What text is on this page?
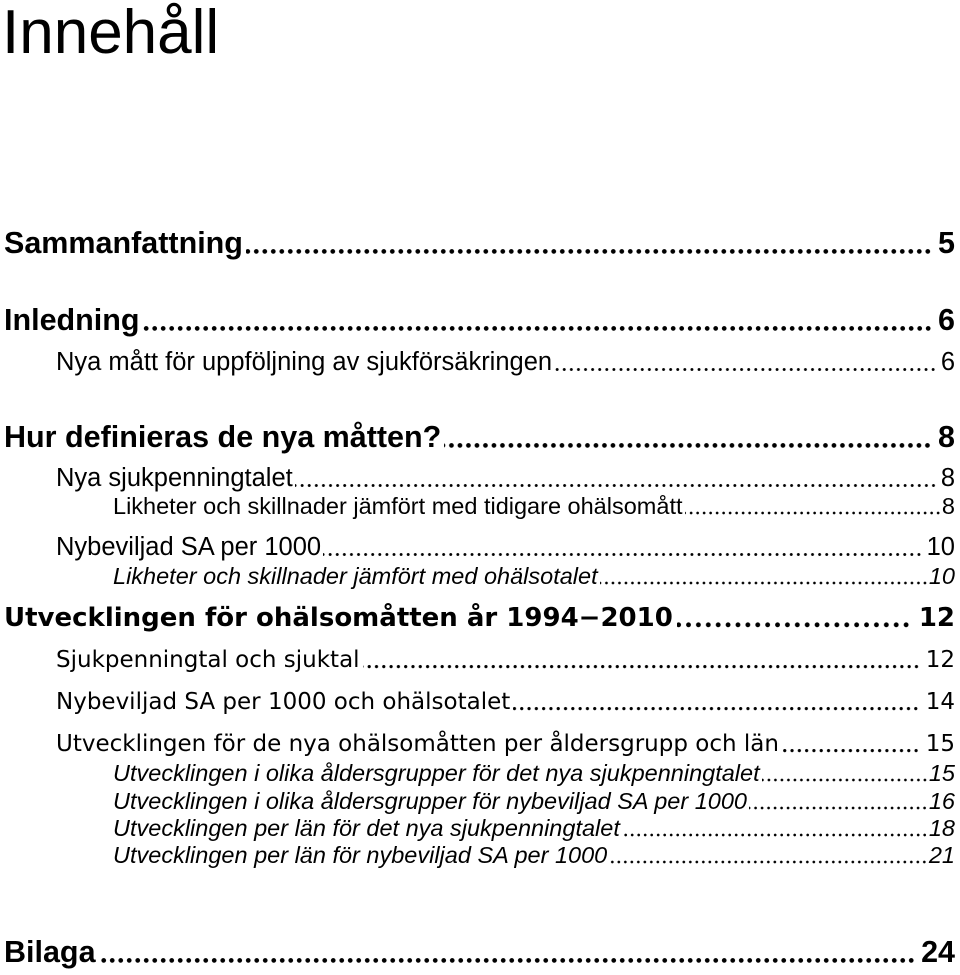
Innehåll
Sammanfattning	5
Inledning	6
Nya mått för uppföljning av sjukförsäkringen	6
Hur definieras de nya måtten?	8
Nya sjukpenningtalet	8
Likheter och skillnader jämfört med tidigare ohälsomått	8
Nybeviljad SA per 1000	10
Likheter och skillnader jämfört med ohälsotalet	10
Utvecklingen för ohälsomåtten år 1994−2010	12
Sjukpenningtal och sjuktal	12
Nybeviljad SA per 1000 och ohälsotalet	14
Utvecklingen för de nya ohälsomåtten per åldersgrupp och län	15
Utvecklingen i olika åldersgrupper för det nya sjukpenningtalet	15
Utvecklingen i olika åldersgrupper för nybeviljad SA per 1000	16
Utvecklingen per län för det nya sjukpenningtalet	18
Utvecklingen per län för nybeviljad SA per 1000	21
Bilaga	24
